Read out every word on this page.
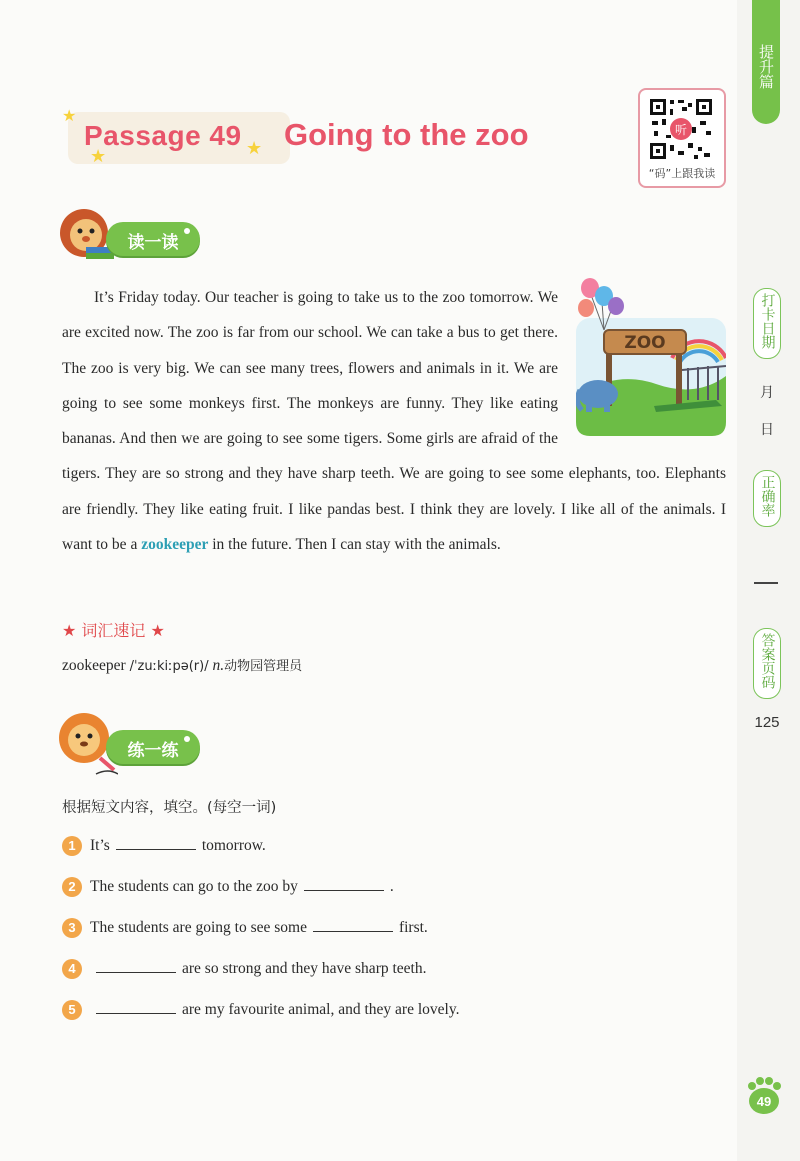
提升篇
打卡日期
月
日
正确率
答案页码
125
★
★	★
Passage 49 Going to the zoo	听
“码”上跟我读
读一读
ZOO

It’s Friday today. Our teacher is going to take us to the zoo tomorrow. We are excited now. The zoo is far from our school. We can take a bus to get there. The zoo is very big. We can see many trees, flowers and animals in it. We are going to see some monkeys first. The monkeys are funny. They like eating bananas. And then we are going to see some tigers. Some girls are afraid of the tigers. They are so strong and they have sharp teeth. We are going to see some elephants, too. Elephants are friendly. They like eating fruit. I like pandas best. I think they are lovely. I like all of the animals. I want to be a zookeeper in the future. Then I can stay with the animals.

★ 词汇速记 ★
zookeeper /ˈzuːkiːpə(r)/ n.动物园管理员
练一练
根据短文内容，填空。(每空一词)
1 It’s	tomorrow.
2 The students can go to the zoo by	.
3 The students are going to see some	first.
4	are so strong and they have sharp teeth.
5	are my favourite animal, and they are lovely.
49
